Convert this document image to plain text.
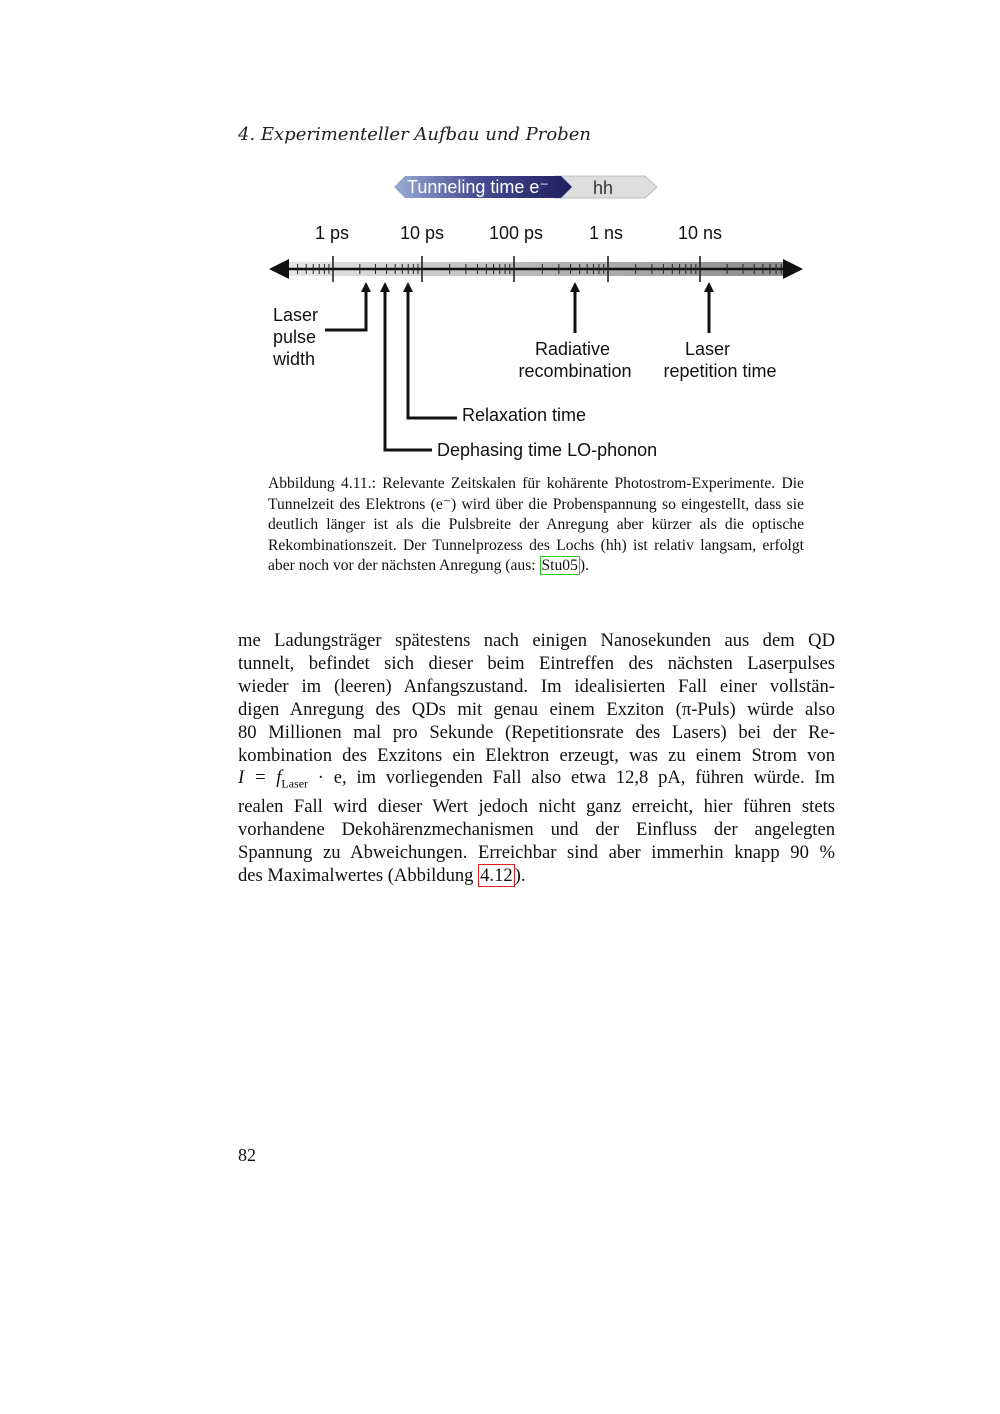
4. Experimenteller Aufbau und Proben
Tunneling time e⁻ hh
1 ps	10 ps 100 ps	1 ns	10 ns
Laser pulse width
Dephasing time LO-phonon
Relaxation time
Radiative recombination
Laser repetition time
Abbildung 4.11.: Relevante Zeitskalen für kohärente Photostrom-Experimente. Die Tunnelzeit des Elektrons (e⁻) wird über die Probenspannung so eingestellt, dass sie deutlich länger ist als die Pulsbreite der Anregung aber kürzer als die optische Rekombinationszeit. Der Tunnelprozess des Lochs (hh) ist relativ langsam, erfolgt aber noch vor der nächsten Anregung (aus: Stu05 ).
me Ladungsträger spätestens nach einigen Nanosekunden aus dem QD
tunnelt, befindet sich dieser beim Eintreffen des nächsten Laserpulses
wieder im (leeren) Anfangszustand. Im idealisierten Fall einer vollstän-
digen Anregung des QDs mit genau einem Exziton (π-Puls) würde also
80 Millionen mal pro Sekunde (Repetitionsrate des Lasers) bei der Re-
kombination des Exzitons ein Elektron erzeugt, was zu einem Strom von
$I = f_{Laser} \cdot e$, im vorliegenden Fall also etwa 12,8 pA, führen würde. Im
realen Fall wird dieser Wert jedoch nicht ganz erreicht, hier führen stets
vorhandene Dekohärenzmechanismen und der Einfluss der angelegten
Spannung zu Abweichungen. Erreichbar sind aber immerhin knapp 90 %
des Maximalwertes (Abbildung 4.12 ).
82
